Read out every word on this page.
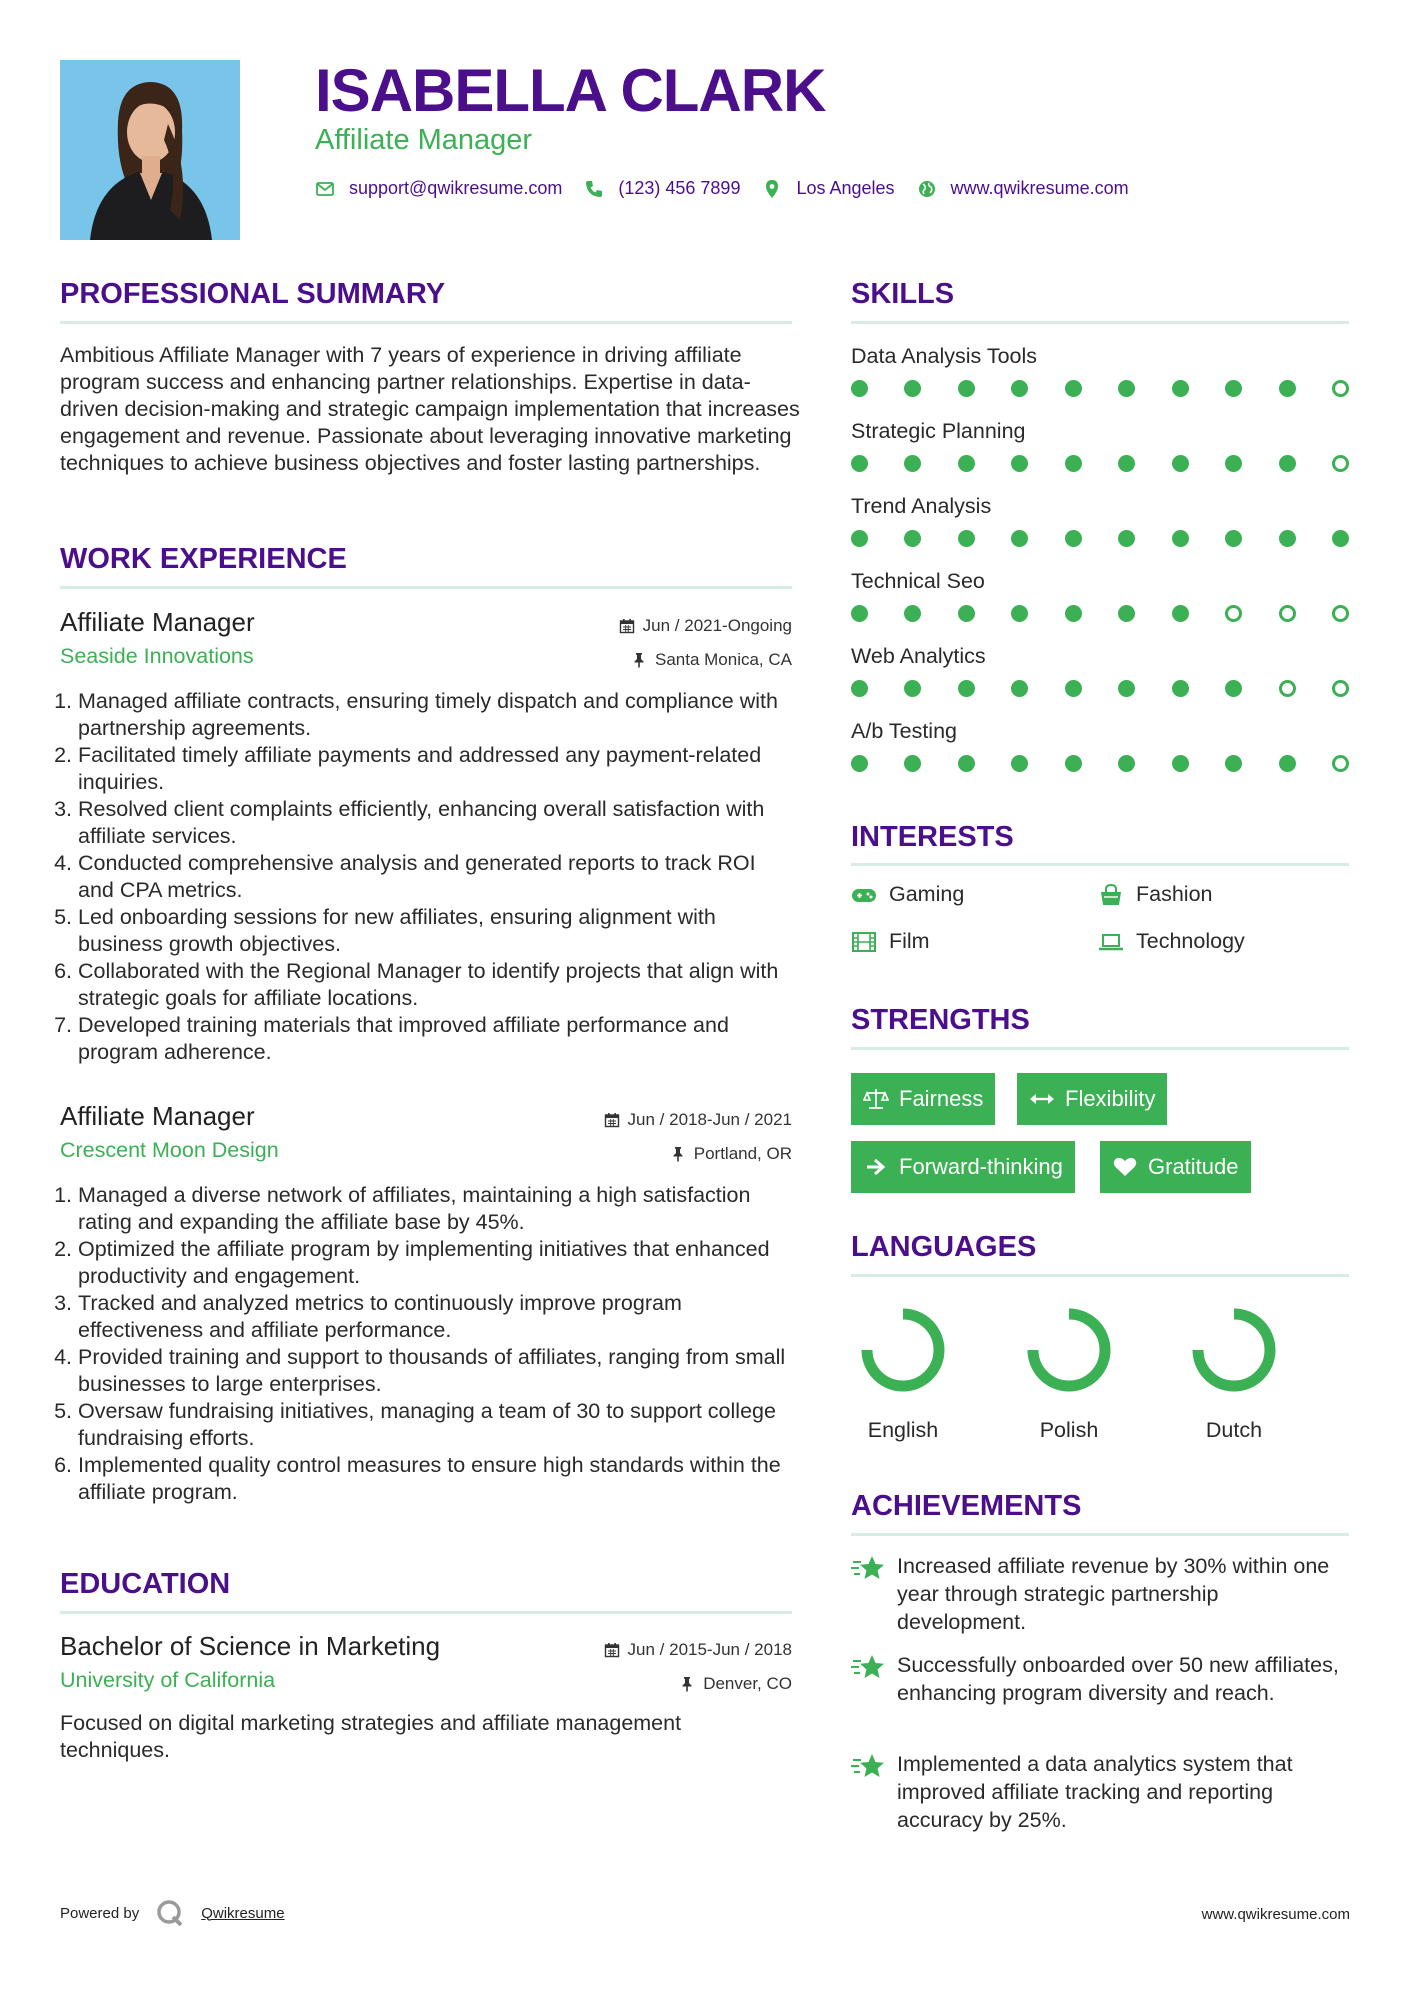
ISABELLA CLARK
Affiliate Manager
support@qwikresume.com	(123) 456 7899	Los Angeles	www.qwikresume.com
PROFESSIONAL SUMMARY
Ambitious Affiliate Manager with 7 years of experience in driving affiliate program success and enhancing partner relationships. Expertise in data-driven decision-making and strategic campaign implementation that increases engagement and revenue. Passionate about leveraging innovative marketing techniques to achieve business objectives and foster lasting partnerships.
WORK EXPERIENCE
Affiliate Manager
Seaside Innovations
Jun / 2021-Ongoing
Santa Monica, CA
1. Managed affiliate contracts, ensuring timely dispatch and compliance with partnership agreements.
2. Facilitated timely affiliate payments and addressed any payment-related inquiries.
3. Resolved client complaints efficiently, enhancing overall satisfaction with affiliate services.
4. Conducted comprehensive analysis and generated reports to track ROI and CPA metrics.
5. Led onboarding sessions for new affiliates, ensuring alignment with business growth objectives.
6. Collaborated with the Regional Manager to identify projects that align with strategic goals for affiliate locations.
7. Developed training materials that improved affiliate performance and program adherence.
Affiliate Manager
Crescent Moon Design
Jun / 2018-Jun / 2021
Portland, OR
1. Managed a diverse network of affiliates, maintaining a high satisfaction rating and expanding the affiliate base by 45%.
2. Optimized the affiliate program by implementing initiatives that enhanced productivity and engagement.
3. Tracked and analyzed metrics to continuously improve program effectiveness and affiliate performance.
4. Provided training and support to thousands of affiliates, ranging from small businesses to large enterprises.
5. Oversaw fundraising initiatives, managing a team of 30 to support college fundraising efforts.
6. Implemented quality control measures to ensure high standards within the affiliate program.
EDUCATION
Bachelor of Science in Marketing
University of California
Jun / 2015-Jun / 2018
Denver, CO
Focused on digital marketing strategies and affiliate management techniques.
SKILLS
Data Analysis Tools
Strategic Planning
Trend Analysis
Technical Seo
Web Analytics
A/b Testing
INTERESTS
Gaming	Fashion
Film	Technology
STRENGTHS
Fairness	Flexibility
Forward-thinking	Gratitude
LANGUAGES
English	Polish	Dutch
ACHIEVEMENTS
Increased affiliate revenue by 30% within one year through strategic partnership development.
Successfully onboarded over 50 new affiliates, enhancing program diversity and reach.
Implemented a data analytics system that improved affiliate tracking and reporting accuracy by 25%.
Powered by	Qwikresume	www.qwikresume.com
